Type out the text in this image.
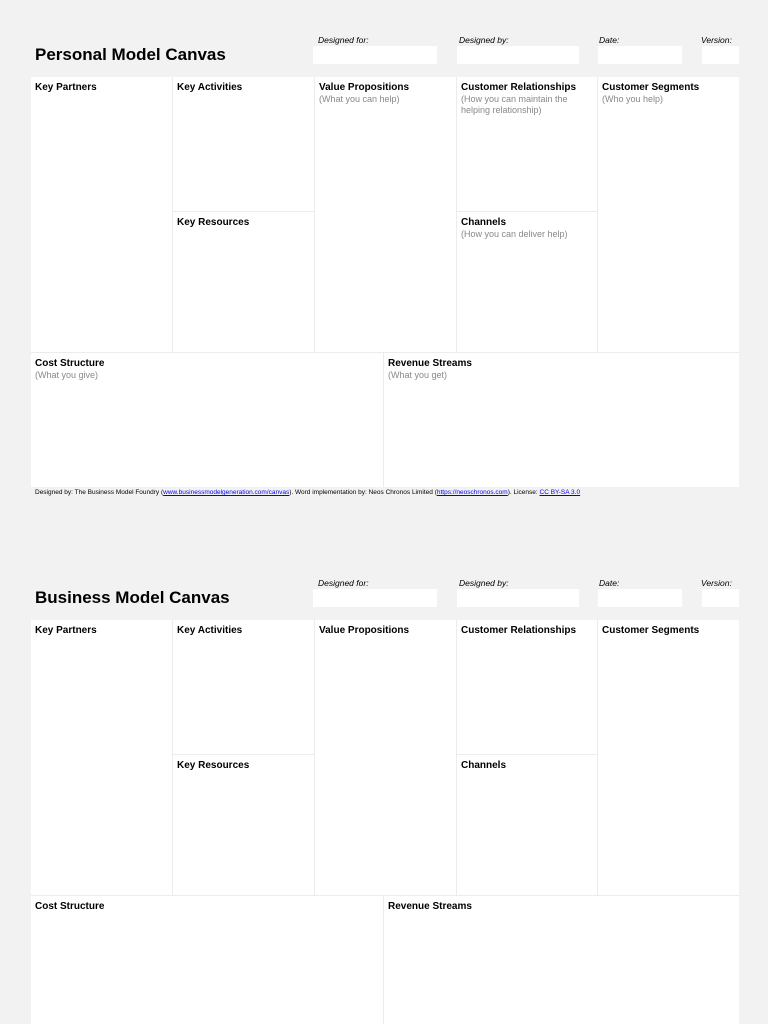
Personal Model Canvas
Designed for:	Designed by:	Date:	Version:
Key Partners	Key Activities
Key Resources
Value Propositions
(What you can help)
Customer Relationships
(How you can maintain the helping relationship)
Channels
(How you can deliver help)
Customer Segments
(Who you help)
Cost Structure
(What you give)
Revenue Streams
(What you get)
Designed by: The Business Model Foundry (www.businessmodelgeneration.com/canvas). Word implementation by: Neos Chronos Limited (https://neoschronos.com). License: CC BY-SA 3.0
Business Model Canvas
Designed for:	Designed by:	Date:	Version:
Key Partners	Key Activities
Key Resources
Value Propositions	Customer Relationships
Channels
Customer Segments
Cost Structure	Revenue Streams
